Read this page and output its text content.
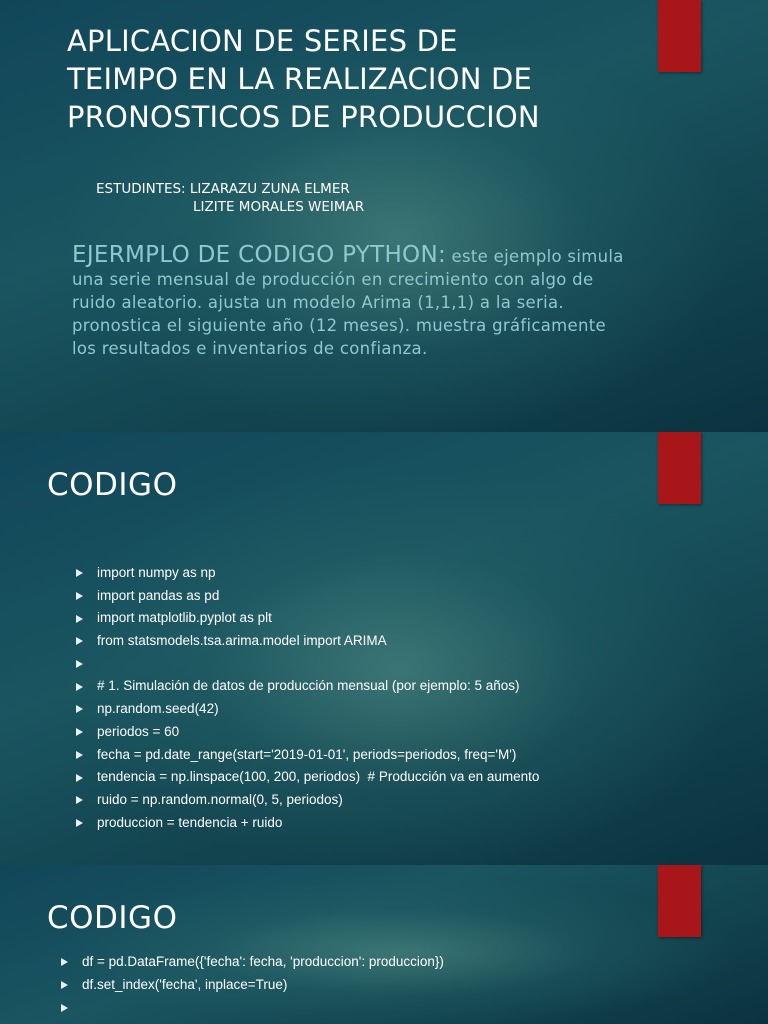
APLICACION DE SERIES DE
TEIMPO EN LA REALIZACION DE
PRONOSTICOS DE PRODUCCION
ESTUDINTES: LIZARAZU ZUNA ELMER
LIZITE MORALES WEIMAR
EJERMPLO DE CODIGO PYTHON: este ejemplo simula una serie mensual de producción en crecimiento con algo de ruido aleatorio. ajusta un modelo Arima (1,1,1) a la seria. pronostica el siguiente año (12 meses). muestra gráficamente los resultados e inventarios de confianza.
CODIGO
import numpy as np
import pandas as pd
import matplotlib.pyplot as plt
from statsmodels.tsa.arima.model import ARIMA
# 1. Simulación de datos de producción mensual (por ejemplo: 5 años)
np.random.seed(42)
periodos = 60
fecha = pd.date_range(start='2019-01-01', periods=periodos, freq='M')
tendencia = np.linspace(100, 200, periodos)  # Producción va en aumento
ruido = np.random.normal(0, 5, periodos)
produccion = tendencia + ruido
CODIGO
df = pd.DataFrame({'fecha': fecha, 'produccion': produccion})
df.set_index('fecha', inplace=True)
